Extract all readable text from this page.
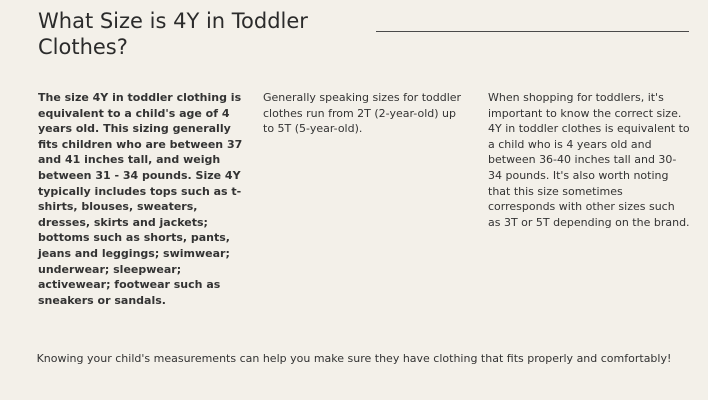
What Size is 4Y in Toddler Clothes?

The size 4Y in toddler clothing is equivalent to a child's age of 4 years old. This sizing generally fits children who are between 37 and 41 inches tall, and weigh between 31 - 34 pounds. Size 4Y typically includes tops such as t-shirts, blouses, sweaters, dresses, skirts and jackets; bottoms such as shorts, pants, jeans and leggings; swimwear; underwear; sleepwear; activewear; footwear such as sneakers or sandals.

Generally speaking sizes for toddler clothes run from 2T (2-year-old) up to 5T (5-year-old).

When shopping for toddlers, it's important to know the correct size. 4Y in toddler clothes is equivalent to a child who is 4 years old and between 36-40 inches tall and 30-34 pounds. It's also worth noting that this size sometimes corresponds with other sizes such as 3T or 5T depending on the brand.

Knowing your child's measurements can help you make sure they have clothing that fits properly and comfortably!
